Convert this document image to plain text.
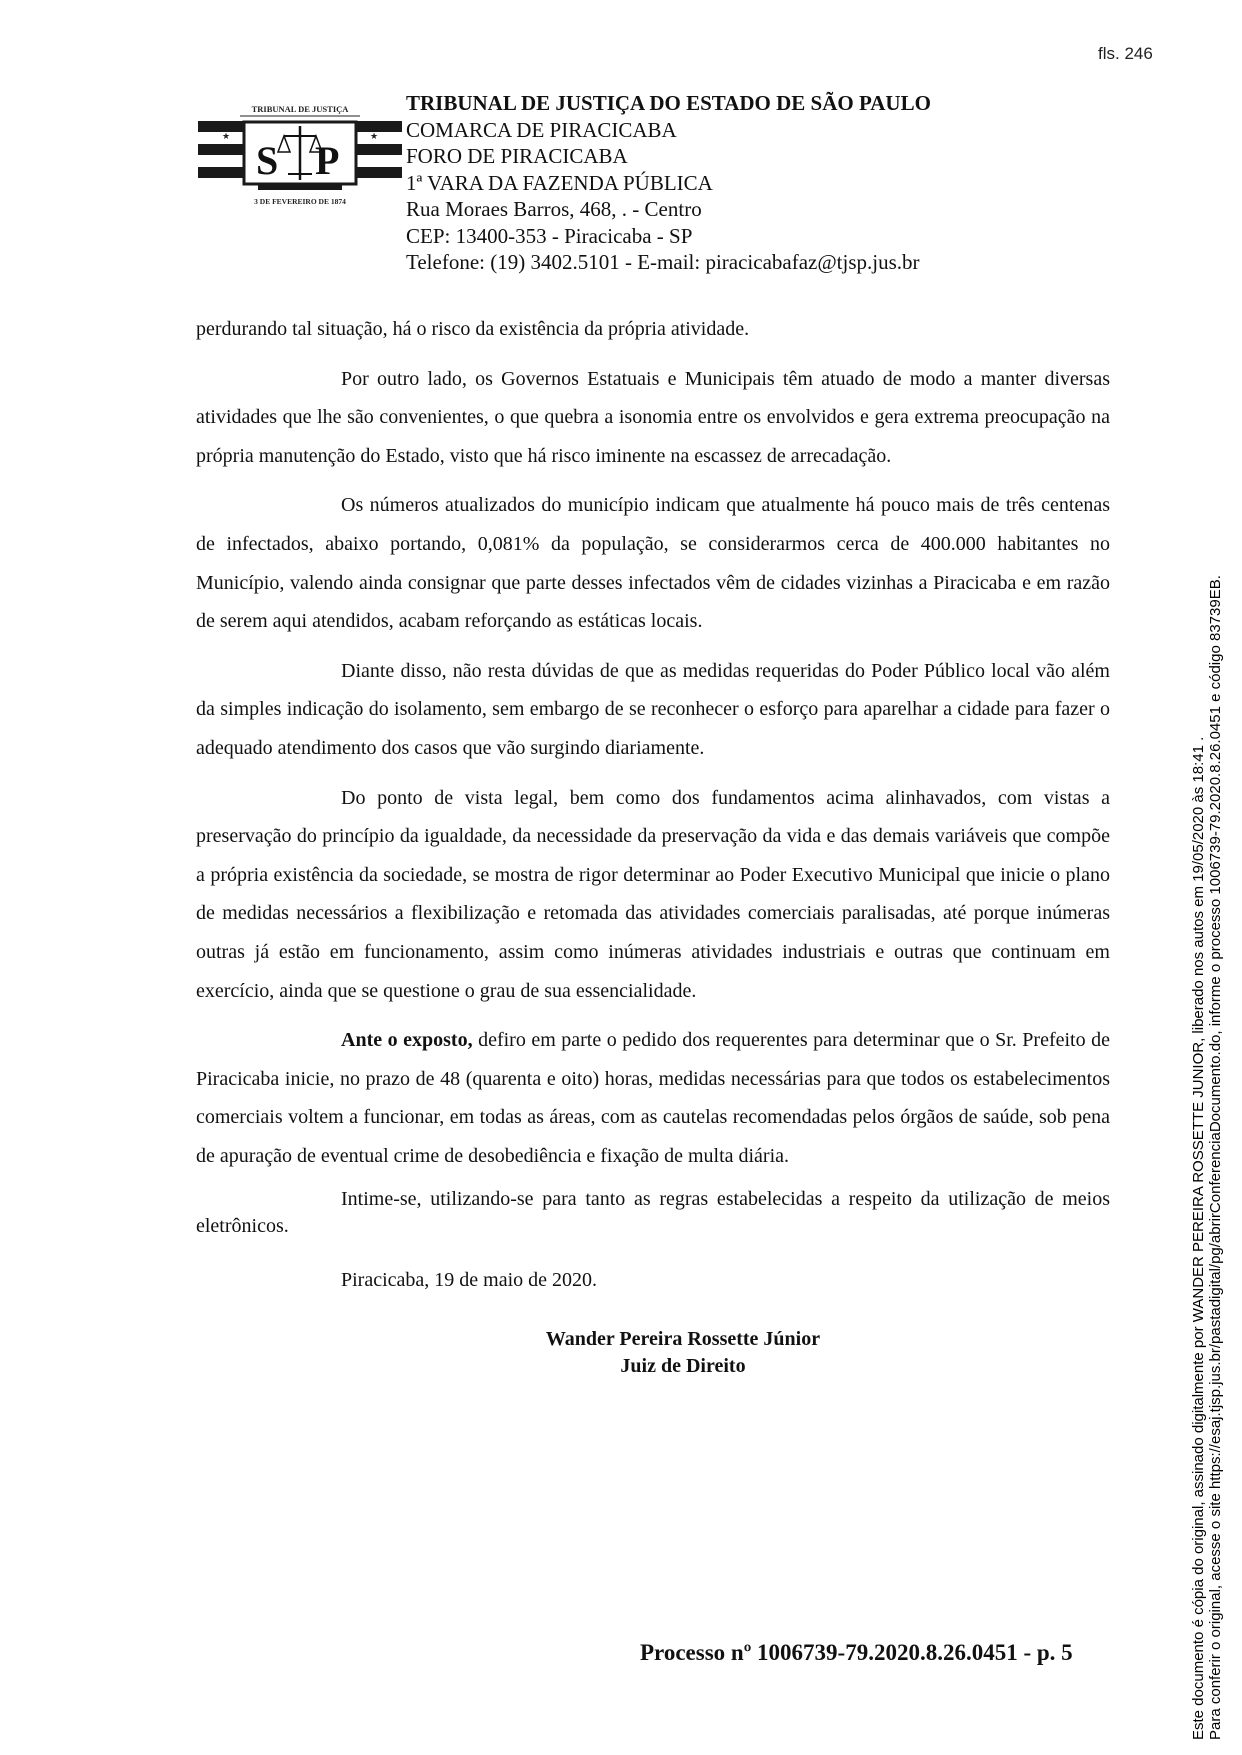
fls. 246
TRIBUNAL DE JUSTIÇA
S P
★	★
3 DE FEVEREIRO DE 1874
TRIBUNAL DE JUSTIÇA DO ESTADO DE SÃO PAULO
COMARCA DE PIRACICABA
FORO DE PIRACICABA
1ª VARA DA FAZENDA PÚBLICA
Rua Moraes Barros, 468, . - Centro
CEP: 13400-353 - Piracicaba - SP
Telefone: (19) 3402.5101 - E-mail: piracicabafaz@tjsp.jus.br

perdurando tal situação, há o risco da existência da própria atividade.

Por outro lado, os Governos Estatuais e Municipais têm atuado de modo a manter diversas atividades que lhe são convenientes, o que quebra a isonomia entre os envolvidos e gera extrema preocupação na própria manutenção do Estado, visto que há risco iminente na escassez de arrecadação.

Os números atualizados do município indicam que atualmente há pouco mais de três centenas de infectados, abaixo portando, 0,081% da população, se considerarmos cerca de 400.000 habitantes no Município, valendo ainda consignar que parte desses infectados vêm de cidades vizinhas a Piracicaba e em razão de serem aqui atendidos, acabam reforçando as estáticas locais.

Diante disso, não resta dúvidas de que as medidas requeridas do Poder Público local vão além da simples indicação do isolamento, sem embargo de se reconhecer o esforço para aparelhar a cidade para fazer o adequado atendimento dos casos que vão surgindo diariamente.

Do ponto de vista legal, bem como dos fundamentos acima alinhavados, com vistas a preservação do princípio da igualdade, da necessidade da preservação da vida e das demais variáveis que compõe a própria existência da sociedade, se mostra de rigor determinar ao Poder Executivo Municipal que inicie o plano de medidas necessários a flexibilização e retomada das atividades comerciais paralisadas, até porque inúmeras outras já estão em funcionamento, assim como inúmeras atividades industriais e outras que continuam em exercício, ainda que se questione o grau de sua essencialidade.

Ante o exposto, defiro em parte o pedido dos requerentes para determinar que o Sr. Prefeito de Piracicaba inicie, no prazo de 48 (quarenta e oito) horas, medidas necessárias para que todos os estabelecimentos comerciais voltem a funcionar, em todas as áreas, com as cautelas recomendadas pelos órgãos de saúde, sob pena de apuração de eventual crime de desobediência e fixação de multa diária.

Intime-se, utilizando-se para tanto as regras estabelecidas a respeito da utilização de meios eletrônicos.

Piracicaba, 19 de maio de 2020.
Wander Pereira Rossette Júnior
Juiz de Direito
Processo nº 1006739-79.2020.8.26.0451 - p. 5	Este documento é cópia do original, assinado digitalmente por WANDER PEREIRA ROSSETTE JUNIOR, liberado nos autos em 19/05/2020 às 18:41 . Para conferir o original, acesse o site https://esaj.tjsp.jus.br/pastadigital/pg/abrirConferenciaDocumento.do, informe o processo 1006739-79.2020.8.26.0451 e código 83739EB.
